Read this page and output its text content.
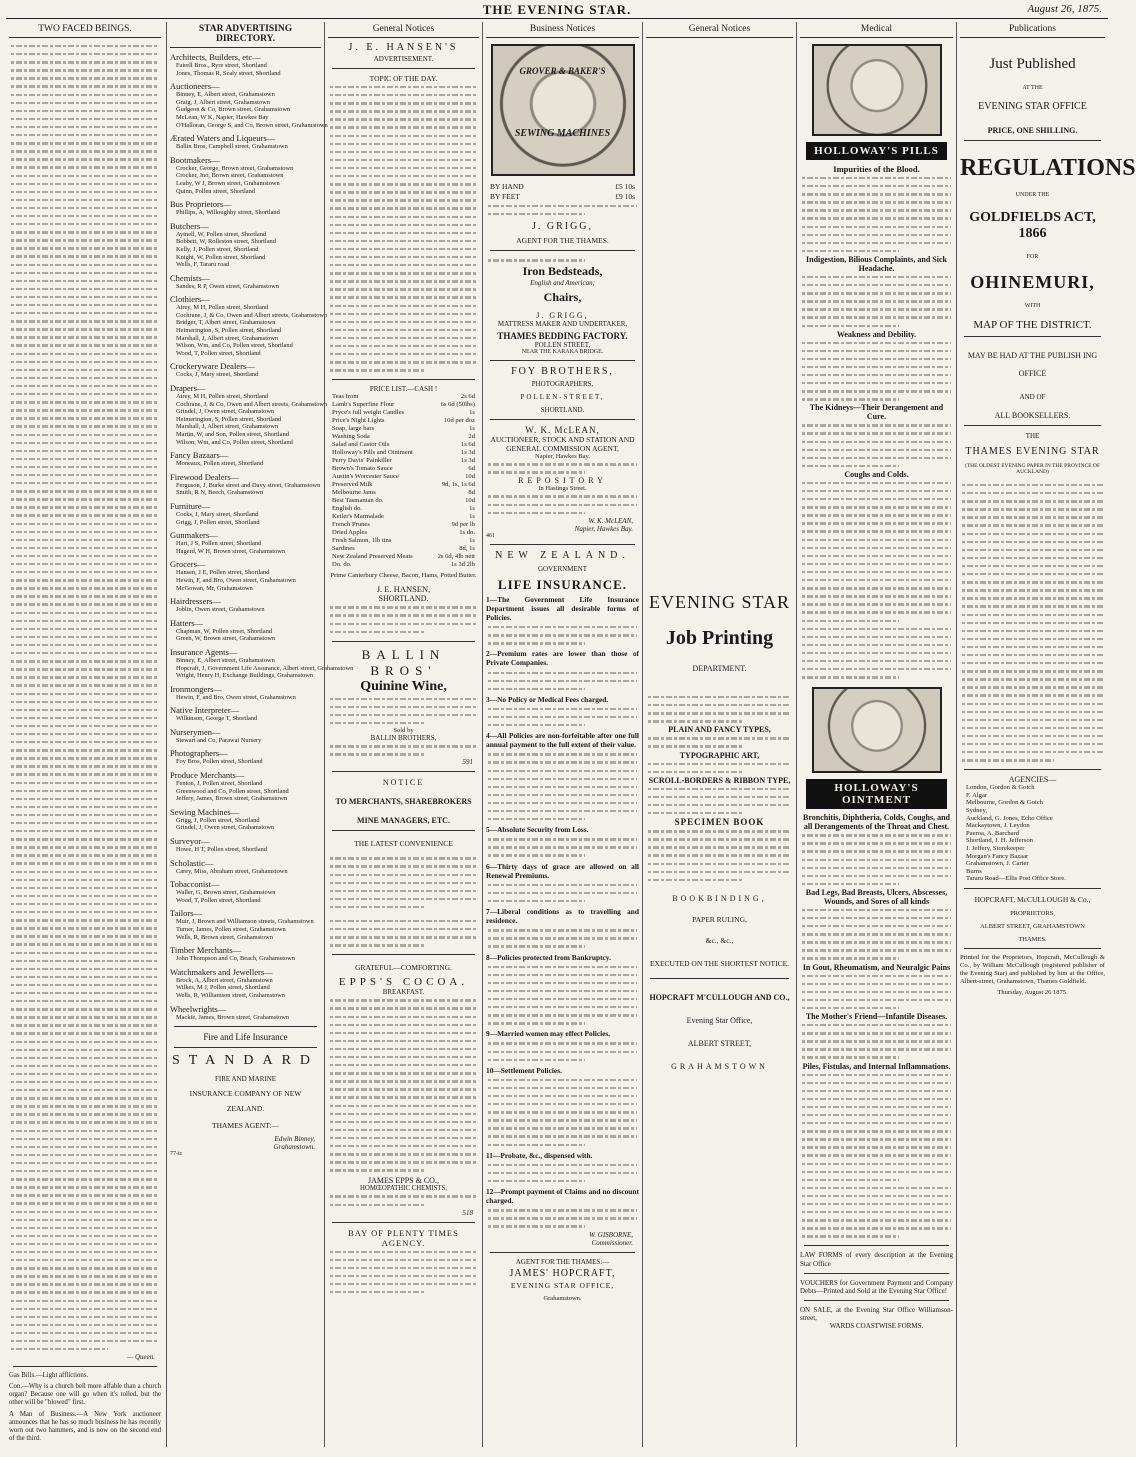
THE EVENING STAR.	August 26, 1875.
TWO FACED BEINGS.
— Queen.
Gas Bills.—Light afflictions.
Con.—Why is a church bell more affable than a church organ? Because one will go when it's tolled, but the other will be "blowed" first.
A Man of Business.—A New York auctioneer announces that he has so much business he has recently worn out two hammers, and is now on the second end of the third.
STAR ADVERTISING DIRECTORY.
Architects, Builders, etc—
Fairell Bros., Ryre street, Shortland
Jones, Thomas R, Sealy street, Shortland
Auctioneers—
Binney, E, Albert street, Grahamstown
Graig, J, Albert street, Grahamstown
Gudgeon & Co, Brown street, Grahamstown
McLean, W K, Napier, Hawkes Bay
O'Halloran, George S, and Co, Brown street, Grahamstown
Ærated Waters and Liqueurs—
Ballin Bros, Campbell street, Grahamstown
Bootmakers—
Crocker, George, Brown street, Grahamstown
Crocker, Jno, Brown street, Grahamstown
Leahy, W J, Brown street, Grahamstown
Quinn, Pollen street, Shortland
Bus Proprietors—
Phillips, A, Willoughby street, Shortland
Butchers—
Aytnell, W, Pollen street, Shortland
Bobbett, W, Rolleston street, Shortland
Kelly, J, Pollen street, Shortland
Knight, W, Pollen street, Shortland
Wells, F, Tararu road
Chemists—
Sandes, R P, Owen street, Grahamstown
Clothiers—
Airey, M H, Pollen street, Shortland
Cochrane, J, & Co, Owen and Albert streets, Grahamstown
Bridger, T, Albert street, Grahamstown
Heimerington, S, Pollen street, Shortland
Marshall, J, Albert street, Grahamstown
Wilson, Wm, and Co, Pollen street, Shortland
Wood, T, Pollen street, Shortland
Crockeryware Dealers—
Cocks, J, Mary street, Shortland
Drapers—
Airey, M H, Pollen street, Shortland
Cochrane, J, & Co, Owen and Albert streets, Grahamstown
Grindel, J, Owen street, Grahamstown
Heimerington, S, Pollen street, Shortland
Marshall, J, Albert street, Grahamstown
Martin, W, and Son, Pollen street, Shortland
Wilson, Wm, and Co, Pollen street, Shortland
Fancy Bazaars—
Moneaux, Pollen street, Shortland
Firewood Dealers—
Ferguson, J, Burke street and Davy street, Grahamstown
Smith, R N, Beech, Grahamstown
Furniture—
Cocks, J, Mary street, Shortland
Grigg, J, Pollen street, Shortland
Gunmakers—
Hart, J S, Pollen street, Shortland
Hagerd, W H, Brown street, Grahamstown
Grocers—
Hansen, J E, Pollen street, Shortland
Hewin, F, and Bro, Owen street, Grahamstown
McGowan, Mr, Grahamstown
Hairdressers—
Joblin, Owen street, Grahamstown
Hatters—
Chapman, W, Pollen street, Shortland
Green, W, Brown street, Grahamstown
Insurance Agents—
Binney, E, Albert street, Grahamstown
Hopcraft, J, Government Life Assurance, Albert street, Grahamstown
Wright, Henry H, Exchange Buildings, Grahamstown
Ironmongers—
Hewin, F, and Bro, Owen street, Grahamstown
Native Interpreter—
Wilkinson, George T, Shortland
Nurserymen—
Stewart and Co, Parawai Nursery
Photographers—
Foy Bros, Pollen street, Shortland
Produce Merchants—
Fenton, J, Pollen street, Shortland
Greenwood and Co, Pollen street, Shortland
Jeffery, James, Brown street, Grahamstown
Sewing Machines—
Grigg, J, Pollen street, Shortland
Grindel, J, Owen street, Grahamstown
Surveyor—
Howe, H T, Pollen street, Shortland
Scholastic—
Carey, Miss, Abraham street, Grahamstown
Tobacconist—
Waller, G, Brown street, Grahamstown
Wood, T, Pollen street, Shortland
Tailors—
Muir, J, Brown and Williamson streets, Grahamstown
Turner, James, Pollen street, Grahamstown
Wells, R, Brown street, Grahamstown
Timber Merchants—
John Thompson and Co, Beach, Grahamstown
Watchmakers and Jewellers—
Brock, A, Albert street, Grahamstown
Wilkes, M J, Pollen street, Shortland
Wells, R, Williamson street, Grahamstown
Wheelwrights—
Mackie, James, Brown street, Grahamstown
Fire and Life Insurance
STANDARD
FIRE AND MARINE
INSURANCE COMPANY OF NEW
ZEALAND.
THAMES AGENT:—
Edwin Binney,
Grahamstown.
77-tc
General Notices
J. E. HANSEN'S
ADVERTISEMENT.
TOPIC OF THE DAY.
PRICE LIST.—CASH !
Teas from	2s 6d
Lamb's Superfine Flour	6s 6d (50lbs)
Pryce's full weight Candles	1s
Price's Night Lights	10d per doz
Soap, large bars	1s
Washing Soda	2d
Salad and Castor Oils	1s 6d
Holloway's Pills and Ointment	1s 3d
Perry Davis' Painkiller	1s 3d
Brown's Tomato Sauce	6d
Austin's Worcester Sauce	10d
Preserved Milk	9d, 1s, 1s 6d
Melbourne Jams	8d
Best Tasmanian do.	10d
English do.	1s
Keiler's Marmalade	1s
French Prunes	9d per lb
Dried Apples	1s do.
Fresh Salmon, 1lb tins	1s
Sardines	8d, 1s
New Zealand Preserved Meats	2s 6d, 4lb nett
Do. do.	1s 3d 2lb
Prime Canterbury Cheese, Bacon, Hams, Potted Butter.
J. E. HANSEN,
SHORTLAND.
BALLIN BROS'
Quinine Wine,
Sold by
BALLIN BROTHERS,
591
NOTICE
TO MERCHANTS, SHAREBROKERS
MINE MANAGERS, ETC.
THE LATEST CONVENIENCE
GRATEFUL—COMFORTING.
EPPS'S COCOA.
BREAKFAST.
JAMES EPPS & CO.,
HOMŒOPATHIC CHEMISTS,
518
BAY OF PLENTY TIMES AGENCY.
Business Notices
GROVER & BAKER'S
SEWING MACHINES
BY HAND	£5 10s
BY FEET	£9 10s
J. GRIGG,
AGENT FOR THE THAMES.
Iron Bedsteads,
English and American;
Chairs,
J. GRIGG,
MATTRESS MAKER AND UNDERTAKER,
THAMES BEDDING FACTORY.
POLLEN STREET,
NEAR THE KARAKA BRIDGE.
FOY BROTHERS,
PHOTOGRAPHERS,
POLLEN-STREET,
SHORTLAND.
W. K. McLEAN,
AUCTIONEER, STOCK AND STATION AND
GENERAL COMMISSION AGENT,
Napier, Hawkes Bay.
REPOSITORY
In Hastings Street.
W. K. McLEAN,
Napier, Hawkes Bay.
461
NEW ZEALAND.
GOVERNMENT
LIFE INSURANCE.
1—The Government Life Insurance Department issues all desirable forms of Policies.
2—Premium rates are lower than those of Private Companies.
3—No Policy or Medical Fees charged.
4—All Policies are non-forfeitable after one full annual payment to the full extent of their value.
5—Absolute Security from Loss.
6—Thirty days of grace are allowed on all Renewal Premiums.
7—Liberal conditions as to travelling and residence.
8—Policies protected from Bankruptcy.
9—Married women may effect Policies.
10—Settlement Policies.
11—Probate, &c., dispensed with.
12—Prompt payment of Claims and no discount charged.
W. GISBORNE,
Commissioner.
AGENT FOR THE THAMES:—
JAMES' HOPCRAFT,
EVENING STAR OFFICE,
Grahamstown.
General Notices
EVENING STAR
Job Printing
DEPARTMENT.
PLAIN AND FANCY TYPES,
TYPOGRAPHIC ART,
SCROLL-BORDERS & RIBBON TYPE,
SPECIMEN BOOK
BOOKBINDING,
PAPER RULING,
&c., &c.,
EXECUTED ON THE SHORTEST NOTICE.
HOPCRAFT M'CULLOUGH AND CO.,
Evening Star Office,
ALBERT STREET,
GRAHAMSTOWN
Medical
HOLLOWAY'S PILLS
Impurities of the Blood.
Indigestion, Bilious Complaints, and Sick Headache.
Weakness and Debility.
The Kidneys—Their Derangement and Cure.
Coughs and Colds.
HOLLOWAY'S OINTMENT
Bronchitis, Diphtheria, Colds, Coughs, and all Derangements of the Throat and Chest.
Bad Legs, Bad Breasts, Ulcers, Abscesses, Wounds, and Sores of all kinds
In Gout, Rheumatism, and Neuralgic Pains
The Mother's Friend—Infantile Diseases.
Piles, Fistulas, and Internal Inflammations.
LAW FORMS of every description at the Evening Star Office
VOUCHERS for Government Payment and Company Debts—Printed and Sold at the Evening Star Office!
ON SALE, at the Evening Star Office Williamson-street,
WARDS COASTWISE FORMS.
Publications
Just Published
AT THE
EVENING STAR OFFICE
PRICE, ONE SHILLING.
REGULATIONS
UNDER THE
GOLDFIELDS ACT, 1866
FOR
OHINEMURI,
WITH
MAP OF THE DISTRICT.
MAY BE HAD AT THE PUBLISH ING OFFICE
AND OF
ALL BOOKSELLERS.
THE
THAMES EVENING STAR
(THE OLDEST EVENING PAPER IN THE PROVINCE OF AUCKLAND)
AGENCIES—
London, Gordon & Gotch
F. Algar
Melbourne, Gordon & Gotch
Sydney,
Auckland, G. Jones, Echo Office
Mackaytown, J. Leydon
Paeroa, A. Barchard
Shortland, J. H. Jefferson
J. Jeffery, Storekeeper
Morgan's Fancy Bazaar
Grahamstown, J. Carter
Burns
Tararu Road—Ellis Post Office Store.
HOPCRAFT, McCULLOUGH & Co.,
PROPRIETORS,
ALBERT STREET, GRAHAMSTOWN
THAMES.
Printed for the Proprietors, Hopcraft, McCullough & Co., by William McCullough (registered publisher of the Evening Star) and published by him at the Office, Albert-street, Grahamstown, Thames Goldfield.
Thursday, August 26 1875.
